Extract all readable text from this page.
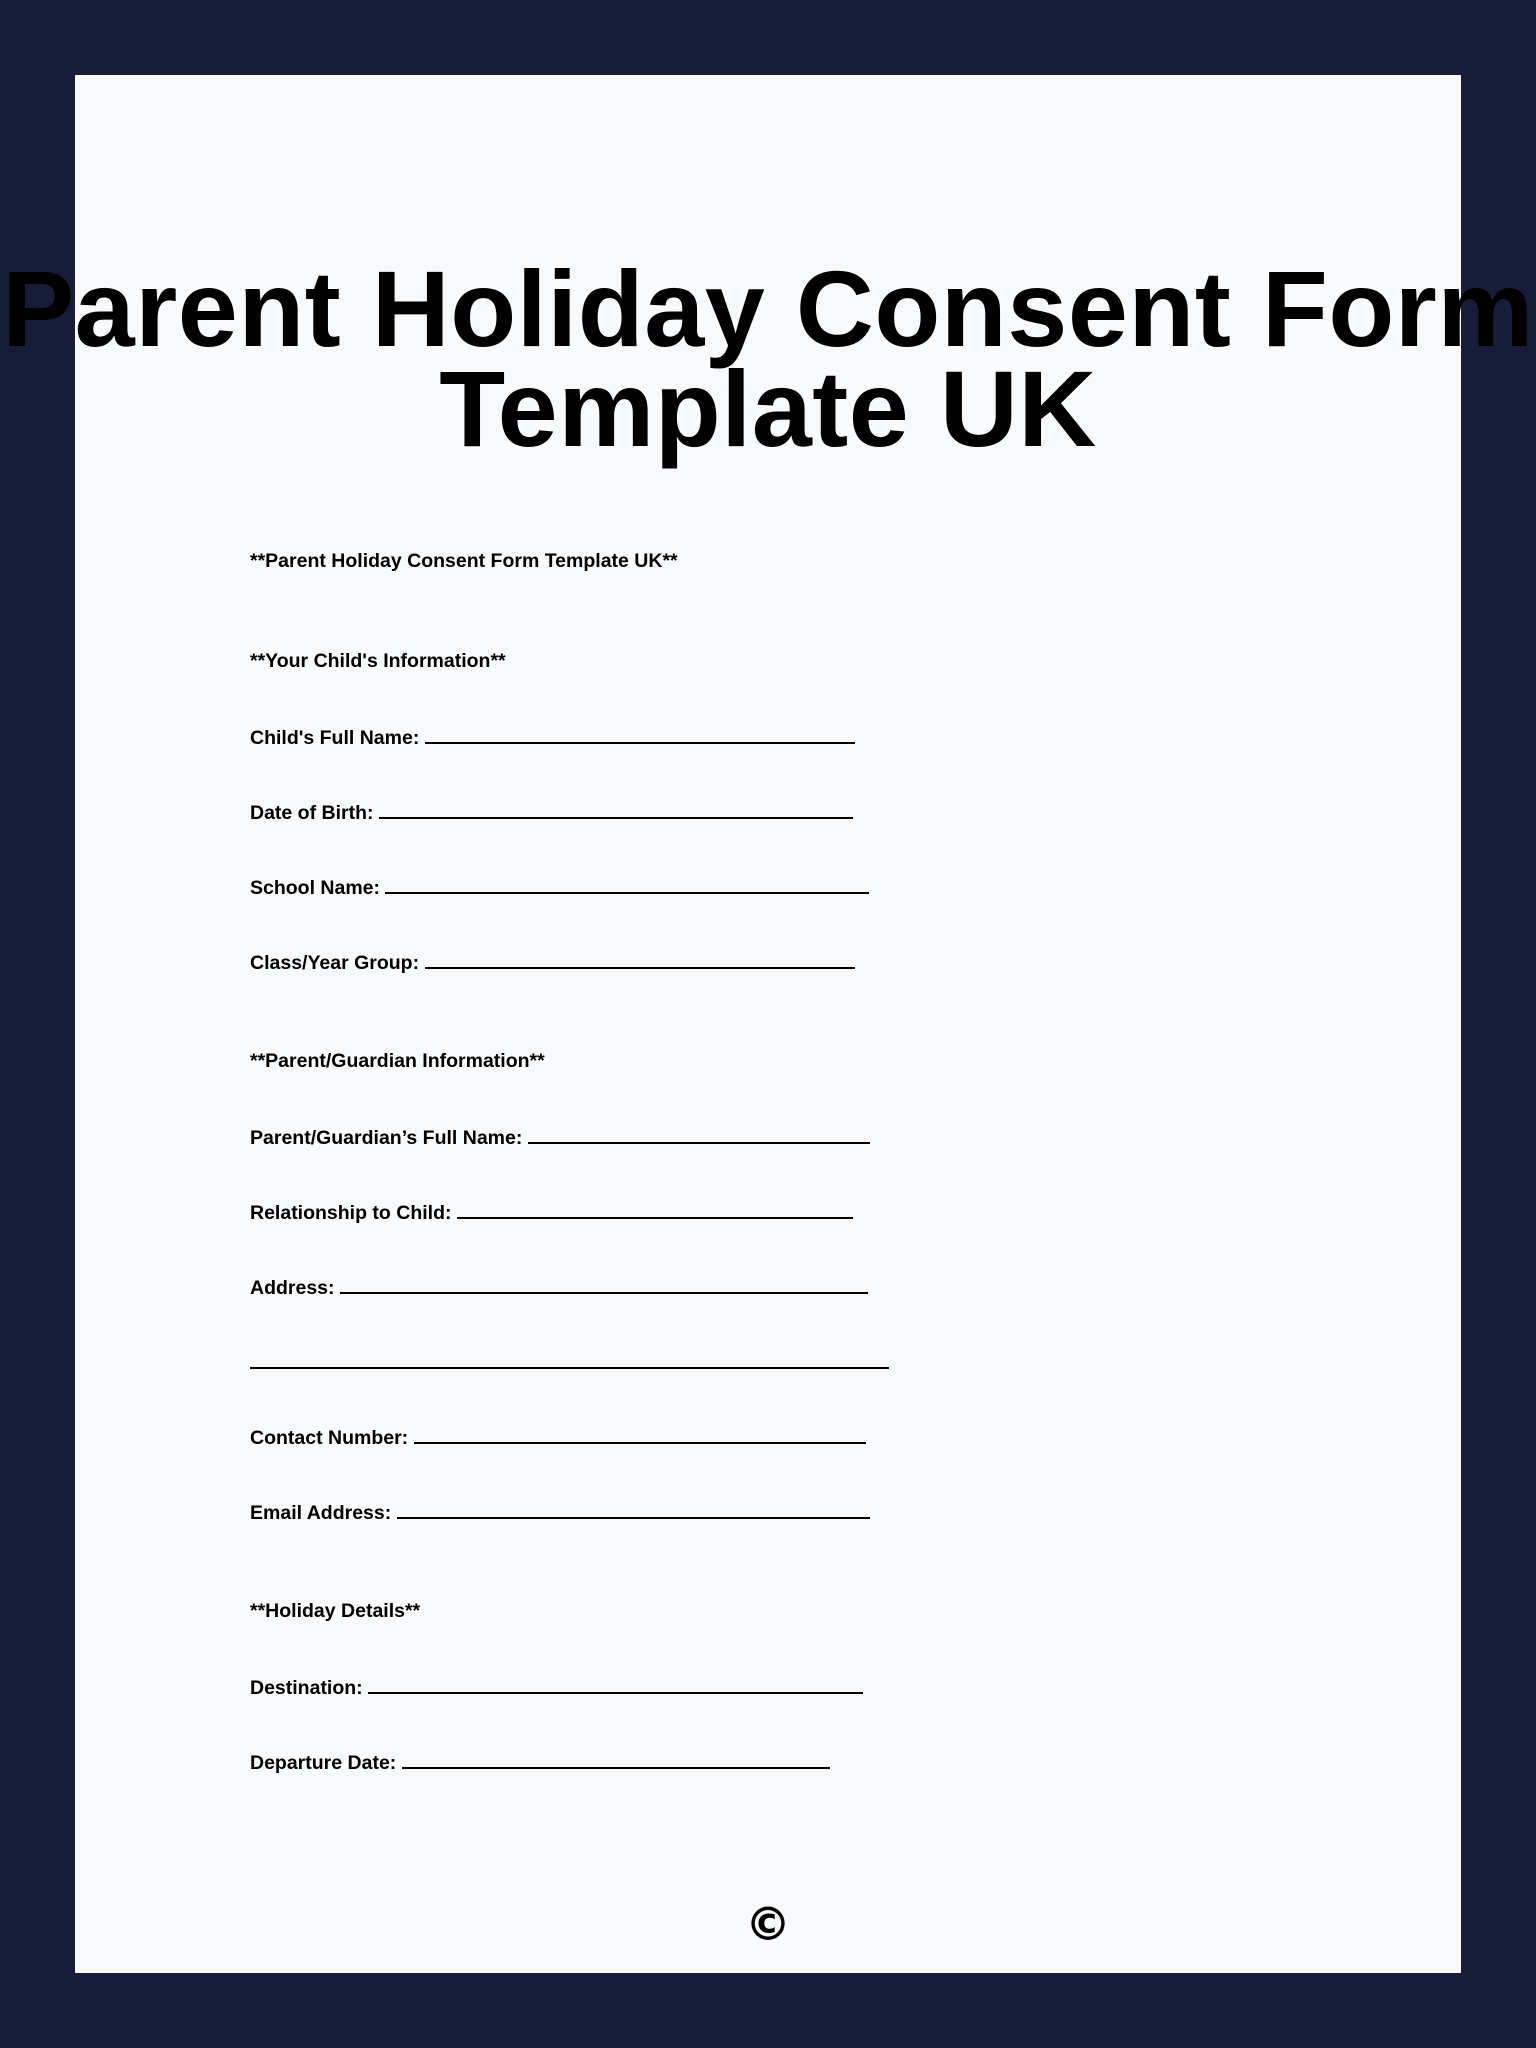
Parent Holiday Consent Form
Template UK
**Parent Holiday Consent Form Template UK**
**Your Child's Information**
Child's Full Name:
Date of Birth:
School Name:
Class/Year Group:
**Parent/Guardian Information**
Parent/Guardian’s Full Name:
Relationship to Child:
Address:
Contact Number:
Email Address:
**Holiday Details**
Destination:
Departure Date:
©
